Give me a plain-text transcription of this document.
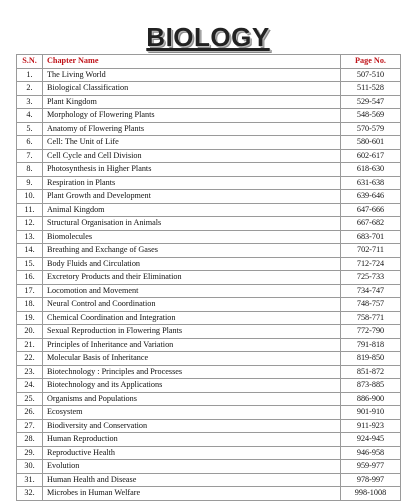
BIOLOGY
S.N.	Chapter Name	Page No.
1.	The Living World	507-510
2.	Biological Classification	511-528
3.	Plant Kingdom	529-547
4.	Morphology of Flowering Plants	548-569
5.	Anatomy of Flowering Plants	570-579
6.	Cell: The Unit of Life	580-601
7.	Cell Cycle and Cell Division	602-617
8.	Photosynthesis in Higher Plants	618-630
9.	Respiration in Plants	631-638
10.	Plant Growth and Development	639-646
11.	Animal Kingdom	647-666
12.	Structural Organisation in Animals	667-682
13.	Biomolecules	683-701
14.	Breathing and Exchange of Gases	702-711
15.	Body Fluids and Circulation	712-724
16.	Excretory Products and their Elimination	725-733
17.	Locomotion and Movement	734-747
18.	Neural Control and Coordination	748-757
19.	Chemical Coordination and Integration	758-771
20.	Sexual Reproduction in Flowering Plants	772-790
21.	Principles of Inheritance and Variation	791-818
22.	Molecular Basis of Inheritance	819-850
23.	Biotechnology : Principles and Processes	851-872
24.	Biotechnology and its Applications	873-885
25.	Organisms and Populations	886-900
26.	Ecosystem	901-910
27.	Biodiversity and Conservation	911-923
28.	Human Reproduction	924-945
29.	Reproductive Health	946-958
30.	Evolution	959-977
31.	Human Health and Disease	978-997
32.	Microbes in Human Welfare	998-1008
